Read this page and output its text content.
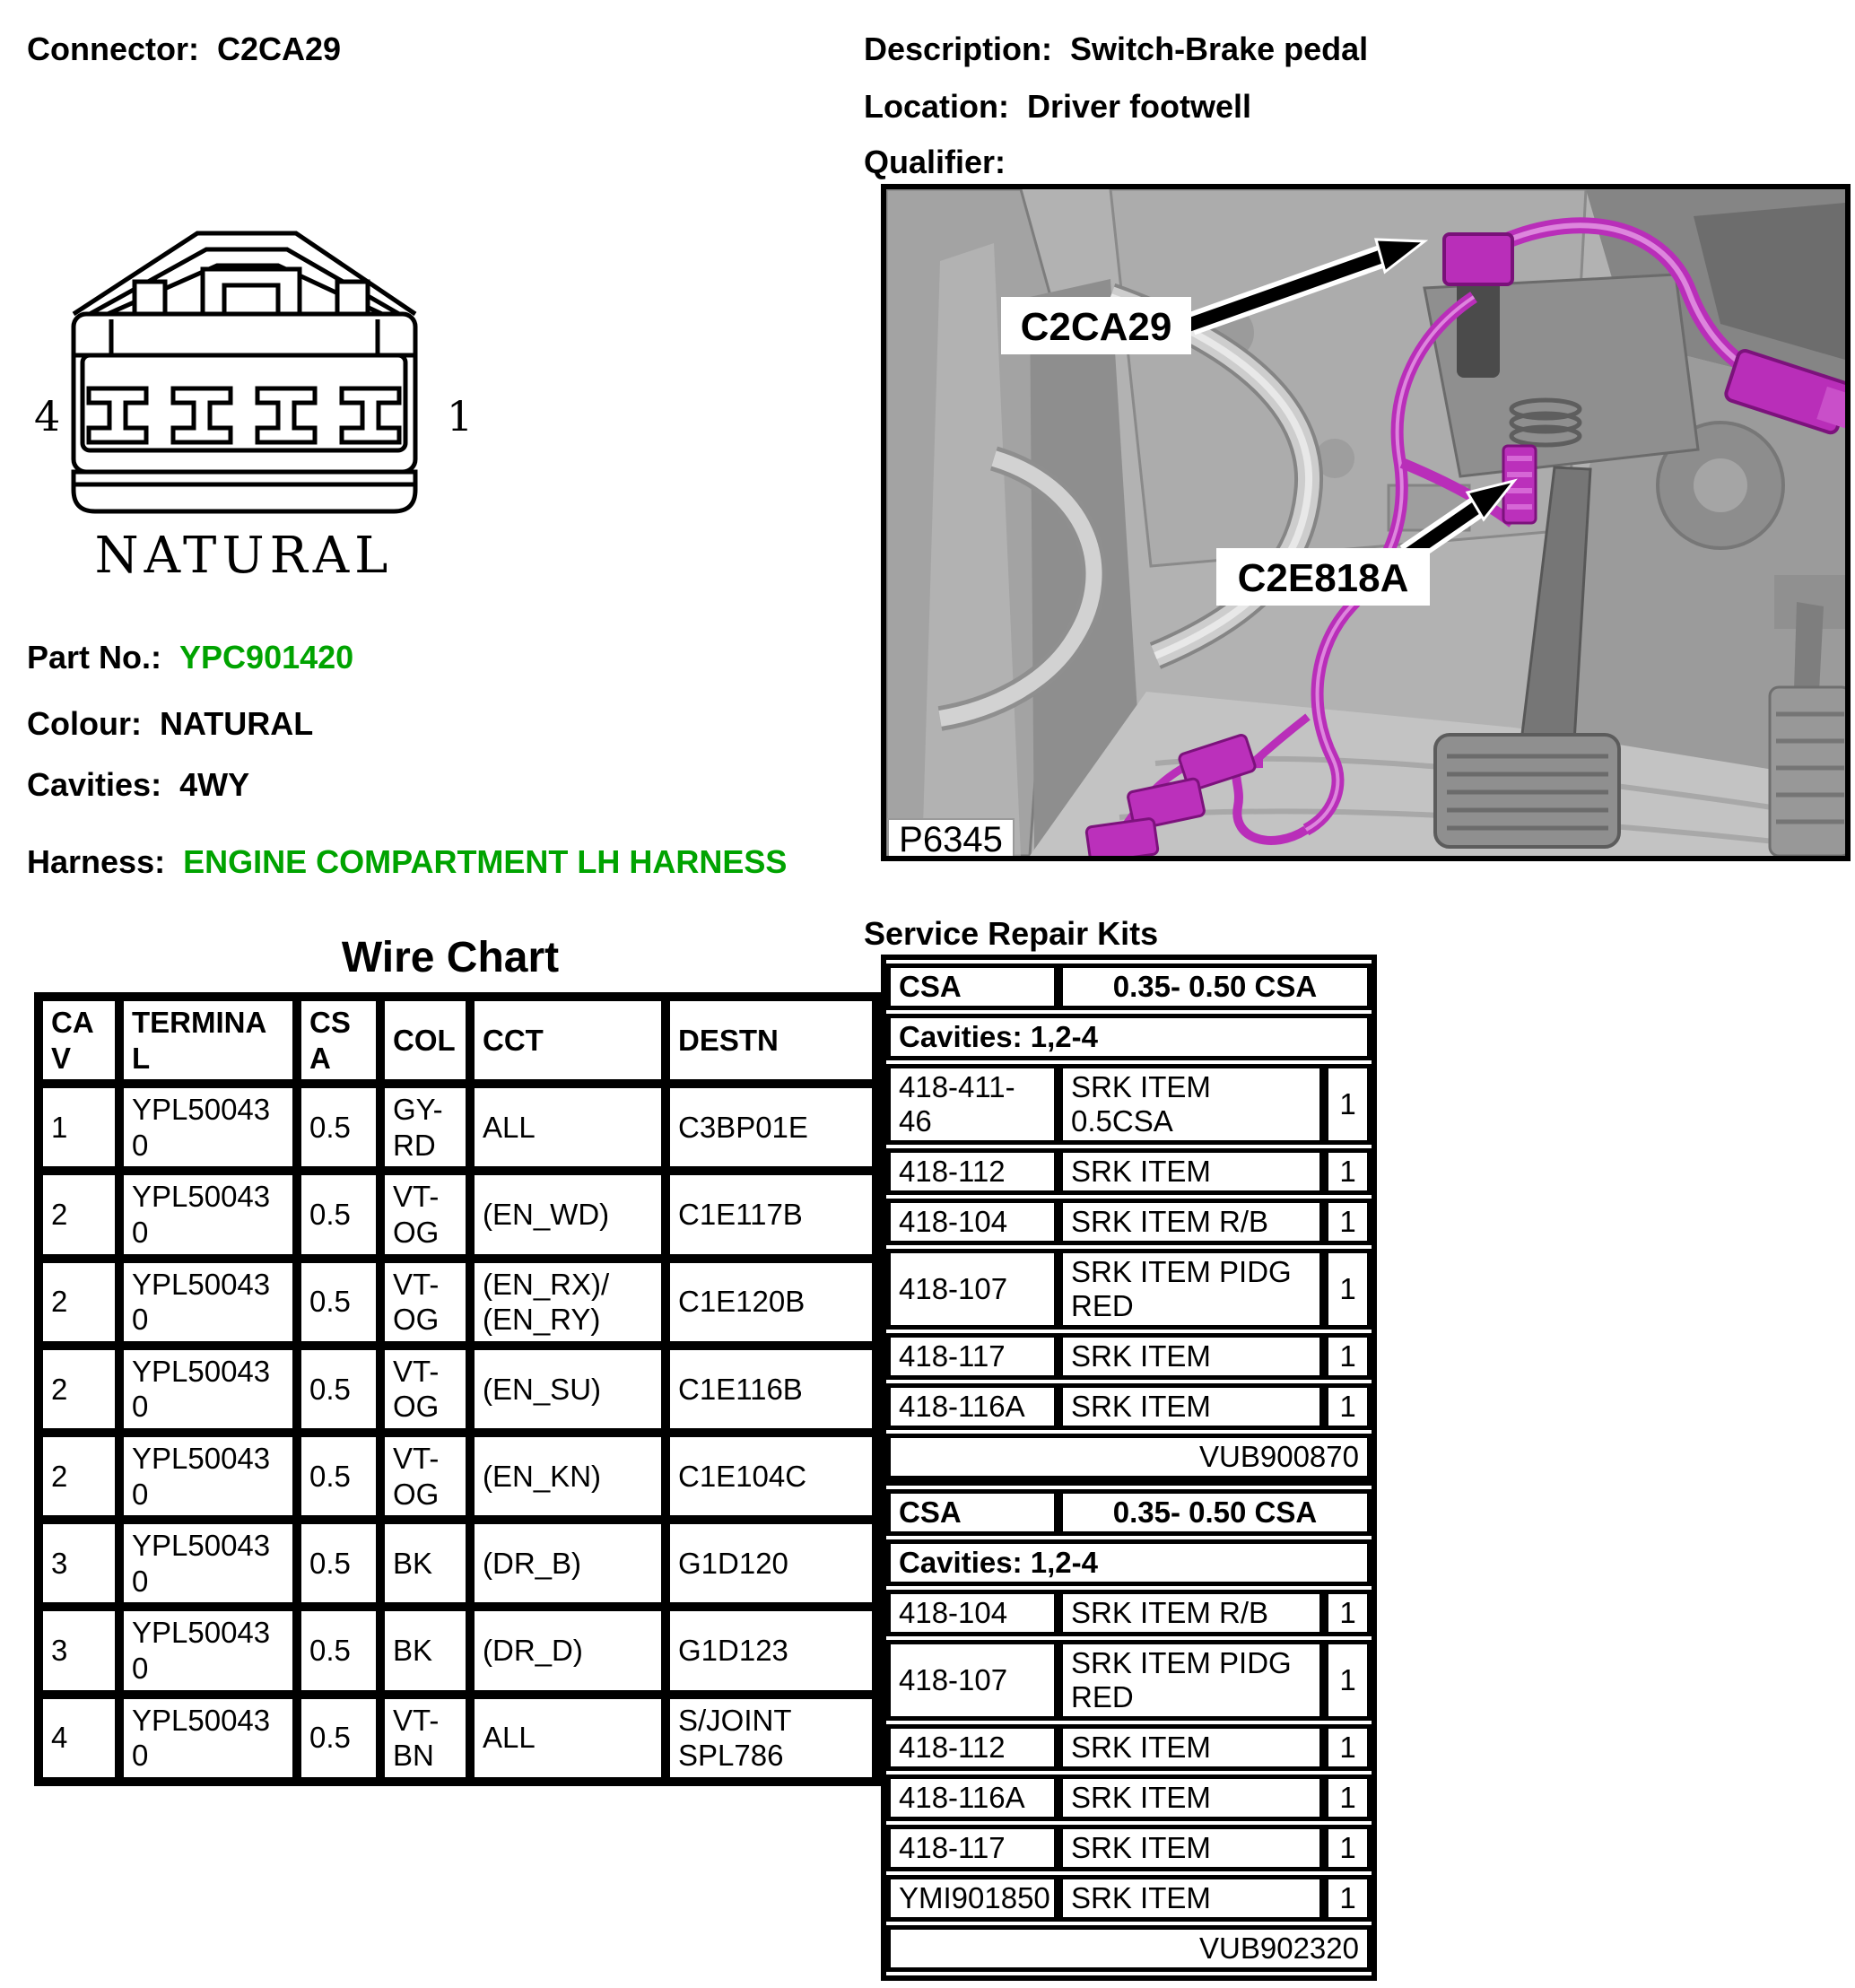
Connector: C2CA29	Description: Switch-Brake pedal
Location: Driver footwell
Qualifier:
4	1
NATURAL
Part No.: YPC901420
Colour: NATURAL
Cavities: 4WY
Harness: ENGINE COMPARTMENT LH HARNESS
C2CA29
C2E818A
P6345
Wire Chart
CAV	TERMINAL	CSA	COL	CCT	DESTN
1	YPL500430	0.5	GY-RD	ALL	C3BP01E
2	YPL500430	0.5	VT-OG	(EN_WD)	C1E117B
2	YPL500430	0.5	VT-OG	(EN_RX)/ (EN_RY)	C1E120B
2	YPL500430	0.5	VT-OG	(EN_SU)	C1E116B
2	YPL500430	0.5	VT-OG	(EN_KN)	C1E104C
3	YPL500430	0.5	BK	(DR_B)	G1D120
3	YPL500430	0.5	BK	(DR_D)	G1D123
4	YPL500430	0.5	VT-BN	ALL	S/JOINT SPL786
Service Repair Kits
CSA	0.35- 0.50 CSA	
Cavities: 1,2-4		
418-411-46	SRK ITEM 0.5CSA	1
418-112	SRK ITEM	1
418-104	SRK ITEM R/B	1
418-107	SRK ITEM PIDG RED	1
418-117	SRK ITEM	1
418-116A	SRK ITEM	1
VUB900870		
CSA	0.35- 0.50 CSA	
Cavities: 1,2-4		
418-104	SRK ITEM R/B	1
418-107	SRK ITEM PIDG RED	1
418-112	SRK ITEM	1
418-116A	SRK ITEM	1
418-117	SRK ITEM	1
YMI901850	SRK ITEM	1
VUB902320		
